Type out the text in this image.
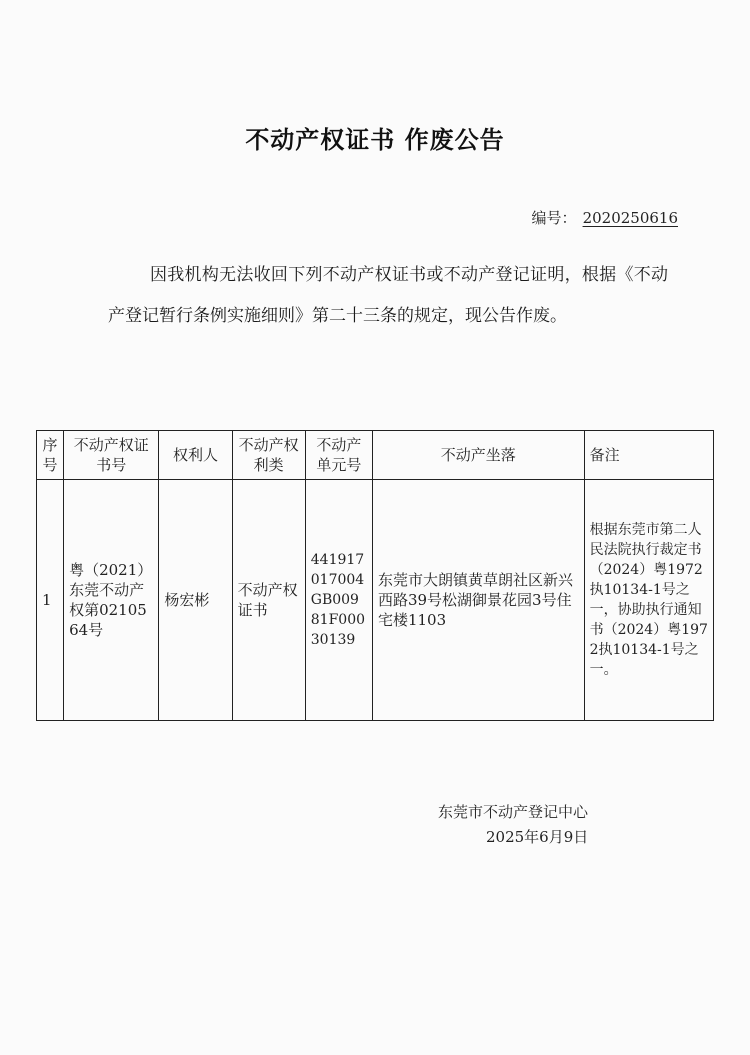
不动产权证书 作废公告
编号： 2020250616
因我机构无法收回下列不动产权证书或不动产登记证明，根据《不动产登记暂行条例实施细则》第二十三条的规定，现公告作废。
序号	不动产权证书号	权利人	不动产权利类	不动产单元号	不动产坐落	备注
1	粤（2021）东莞不动产权第0210564号	杨宏彬	不动产权证书	441917017004GB00981F00030139	东莞市大朗镇黄草朗社区新兴西路39号松湖御景花园3号住宅楼1103	根据东莞市第二人民法院执行裁定书（2024）粤1972执10134-1号之一，协助执行通知书（2024）粤1972执10134-1号之一。
东莞市不动产登记中心
2025年6月9日
